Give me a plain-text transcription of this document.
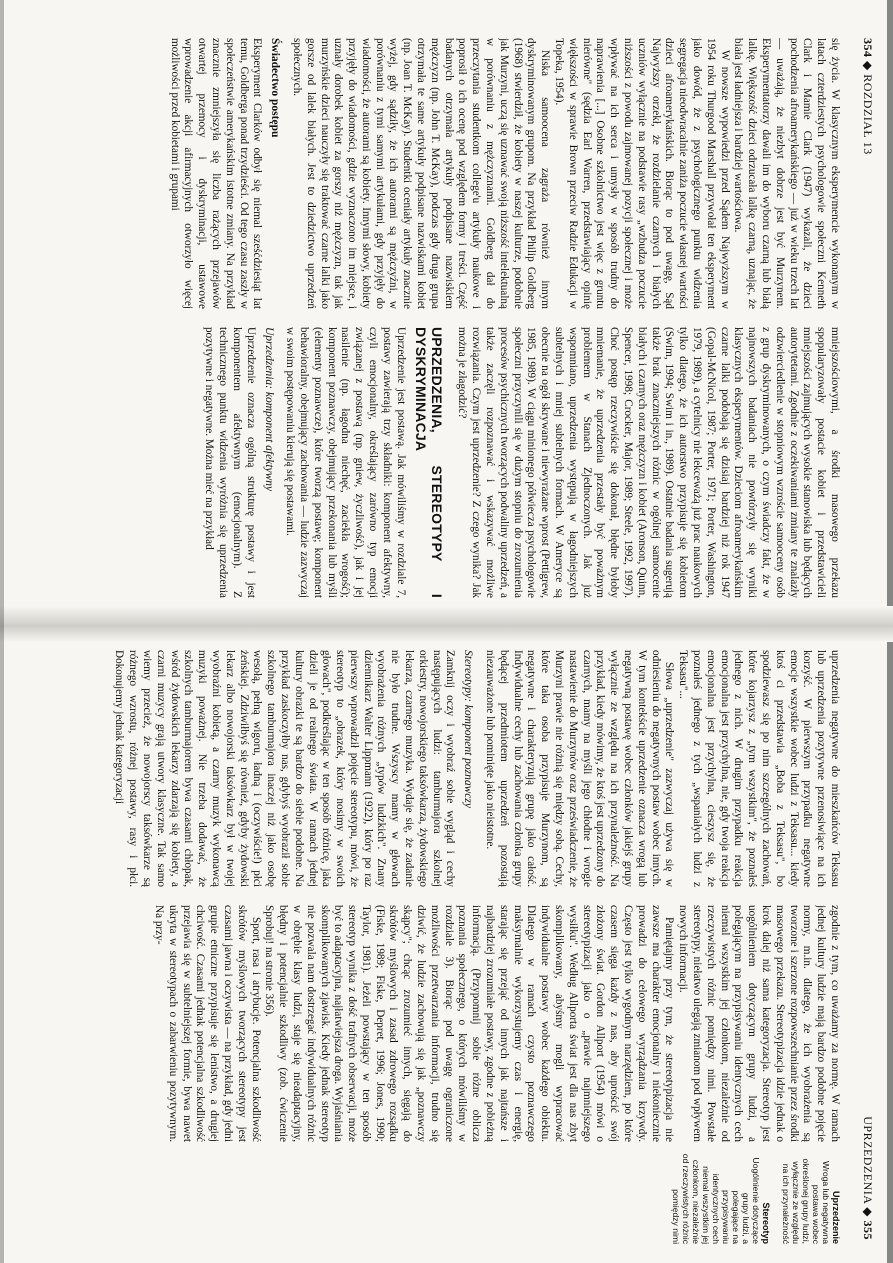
354 ◆ ROZDZIAŁ 13

się życia. W klasycznym eksperymencie wykonanym w latach czterdziestych psychologowie społeczni Kenneth Clark i Mamie Clark (1947) wykazali, że dzieci pochodzenia afroamerykańskiego — już w wieku trzech lat — uważają, że niezbyt dobrze jest być Murzynem. Eksperymentatorzy dawali im do wyboru czarną lub białą lalkę. Większość dzieci odrzucała lalkę czarną, uznając, że biała jest ładniejsza i bardziej wartościowa.

W nowsze wypowiedzi przed Sądem Najwyższym w 1954 roku Thurgood Marshall przywołał ten eksperyment jako dowód, że z psychologicznego punktu widzenia segregacja nieodwracalnie zaniża poczucie własnej wartości dzieci afroamerykańskich. Biorąc to pod uwagę, Sąd Najwyższy orzekł, że rozdzielanie czarnych i białych uczniów wyłącznie na podstawie rasy „wzbudza poczucie niższości z powodu zajmowanej pozycji społecznej i może wpływać na ich serca i umysły w sposób trudny do naprawienia [...] Osobne szkolnictwo jest więc z gruntu nierówne" (sędzia Earl Warren, przedstawiający opinię większości w sprawie Brown przeciw Radzie Edukacji w Topeka, 1954).

Niska samoocena zagraża również innym dyskryminowanym grupom. Na przykład Philip Goldberg (1968) stwierdził, że kobiety w naszej kulturze, podobnie jak Murzyni, uczą się uznawać swoją niższość intelektualną w porównaniu z mężczyznami. Goldberg dał do przeczytania studentkom college'u artykuły naukowe i poprosił o ich ocenę pod względem formy i treści. Część badanych otrzymała artykuły podpisane nazwiskiem mężczyzn (np. John T. McKay), podczas gdy druga grupa otrzymała te same artykuły podpisane nazwiskami kobiet (np. Joan T. McKay). Studentki oceniały artykuły znacznie wyżej, gdy sądziły, że ich autorami są mężczyźni, w porównaniu z tymi samymi artykułami, gdy przyjęły do wiadomości, że autorami są kobiety. Innymi słowy, kobiety przyjęły do wiadomości, gdzie wyznaczono im miejsce, i uznały dorobek kobiet za gorszy niż mężczyzn, tak jak murzyńskie dzieci nauczyły się traktować czarne lalki jako gorsze od lalek białych. Jest to dziedzictwo uprzedzeń społecznych.

Świadectwo postępu

Eksperyment Clarków odbył się niemal sześćdziesiąt lat temu, Goldberga ponad trzydzieści. Od tego czasu zaszły w społeczeństwie amerykańskim istotne zmiany. Na przykład znacznie zmniejszyła się liczba rażących przejawów otwartej przemocy i dyskryminacji, ustawowe wprowadzenie akcji afirmacyjnych otworzyło więcej możliwości przed kobietami i grupami

mniejszościowymi, a środki masowego przekazu spopularyzowały postacie kobiet i przedstawicieli mniejszości zajmujących wysokie stanowiska lub będących autorytetami. Zgodnie z oczekiwaniami zmiany te znalazły odzwierciedlenie w stopniowym wzroście samooceny osób z grup dyskryminowanych, o czym świadczy fakt, że w najnowszych badaniach nie powtórzyły się wyniki klasycznych eksperymentów. Dzieciom afroamerykańskim czarne lalki podobają się dzisiaj bardziej niż rok 1947 (Gopal-McNicol, 1987; Porter, 1971; Porter, Washington, 1979, 1989), a cytelnicy nie lekceważą już prac naukowych tylko dlatego, że ich autorstwo przypisuje się kobietom (Swim, 1994; Swim i in., 1989). Ostatnie badania sugerują także brak znaczniejszych różnic w ogólnej samoocenie białych i czarnych oraz mężczyzn i kobiet (Aronson, Quinn, Spencer, 1998; Crocker, Major, 1989; Steele, 1992, 1997). Choć postęp rzeczywiście się dokonał, błędne byłoby mniemanie, że uprzedzenia przestały być poważnym problemem w Stanach Zjednoczonych. Jak już wspomniano, uprzedzenia występują w łagodniejszych subtelnych i mniej subtelnych formach. W Ameryce są obecnie na ogół skrywane i niewyrażane wprost (Pettigrew, 1985, 1989). W ciągu minionego półwiecza psychologowie społeczni przyczynili się w dużym stopniu do zrozumienia procesów psychicznych tworzących podwaliny uprzedzeń, a także zaczęli rozpoznawać i wskazywać możliwe rozwiązania. Czym jest uprzedzenie? Z czego wynika? Jak można je złagodzić?

UPRZEDZENIA, STEREOTYPY I DYSKRYMINACJA

Uprzedzenie jest postawą. Jak mówiliśmy w rozdziale 7, postawy zawierają trzy składniki: komponent afektywny, czyli emocjonalny, określający zarówno typ emocji związanej z postawą (np. gniew, życzliwość), jak i jej nasilenie (np. łagodna niechęć, zaciekła wrogość); komponent poznawczy, obejmujący przekonania lub myśli (elementy poznawcze), które tworzą postawę; komponent behawioralny, obejmujący zachowania — ludzie zazwyczaj w swoim postępowaniu kierują się postawami.

Uprzedzenia: komponent afektywny

Uprzedzenie oznacza ogólną strukturę postawy i jest komponentem afektywnym (emocjonalnym). Z technicznego punktu widzenia wyróżnia się uprzedzenia pozytywne i negatywne. Można mieć na przykład

UPRZEDZENIA ◆ 355

uprzedzenia negatywne do mieszkańców Teksasu lub uprzedzenia pozytywne przenosiwiące na ich korzyść. W pierwszym przypadku negatywne emocje wszystkie wobec ludzi z Teksasu... kiedy ktoś ci przedstawia „Boba z Teksasu", bo spodziewasz się po nim szczególnych zachowań, które kojarzysz z „tym wszystkim", że poznałeś jednego z nich. W drugim przypadku reakcja emocjonalna jest przychylna, nie, gdy twoja reakcja emocjonalna jest przychylna, cieszysz się, że poznałeś jednego z tych „wspaniałych ludzi z Teksasu"...

Słowa „uprzedzenie" zazwyczaj używa się w odniesieniu do negatywnych postaw wobec innych. W tym kontekście uprzedzenie oznacza wrogą lub negatywną postawę wobec członków jakiejś grupy wyłącznie ze względu na ich przynależność. Na przykład, kiedy mówimy, że ktoś jest uprzedzony do czarnych, mamy na myśli jego chłodne i wrogie nastawienie do Murzynów oraz przeświadczenie, że Murzyni prawie nie różnią się między sobą. Cechy, które taka osoba przypisuje Murzynom, są negatywne i charakteryzują grupę jako całość. Indywidualne cechy lub zachowania członka grupy będącej przedmiotem uprzedzeń pozostają niezauważone lub pominięte jako nieistotne.

Stereotypy: komponent poznawczy

Zamknij oczy i wyobraź sobie wygląd i cechy następujących ludzi: tamburmajora szkolnej orkiestry, nowojorskiego taksówkarza, żydowskiego lekarza, czarnego muzyka. Wydaje się, że zadanie nie było trudne. Wszyscy mamy w głowach wyobrażenia różnych „typów ludzkich". Znany dziennikarz Walter Lippmann (1922), który po raz pierwszy wprowadził pojęcie stereotypu, mówi, że stereotyp to „obrazek, który nosimy w swoich głowach", podkreślając w ten sposób różnicę, jaka dzieli je od realnego świata. W ramach jednej kultury obrazki te są bardzo do siebie podobne. Na przykład zaskoczyłby nas, gdybyś wyobraził sobie szkolnego tamburmajora inaczej niż jako osobę wesołą, pełną wigoru, ładną i (oczywiście!) płci żeńskiej. Zdziwiłbyś się również, gdyby żydowski lekarz albo nowojorski taksówkarz był w twojej wyobraźni kobietą, a czarny muzyk wykonawcą muzyki poważnej. Nie trzeba dodawać, że szkolnych tamburmajorem bywa czasami chłopak, wśród żydowskich lekarzy zdarzają się kobiety, a czarni muzycy grają utwory klasyczne. Tak samo wiemy przecież, że nowojorscy taksówkarze są różnego wzrostu, różnej postawy, rasy i płci. Dokonujemy jednak kategoryzacji

zgodnie z tym, co uważamy za normę. W ramach jednej kultury ludzie mają bardzo podobne pojęcie normy, m.in. dlatego, że ich wyobrażenia są tworzone i szerzone rozpowszechnianie przez środki masowego przekazu. Stereotypizacja idzie jednak o krok dalej niż sama kategoryzacja. Stereotyp jest uogólnieniem dotyczącym grupy ludzi, a polegającym na przypisywaniu identycznych cech niemal wszystkim jej członkom, niezależnie od rzeczywistych różnic pomiędzy nimi. Powstałe stereotypy, niełatwo ulegają zmianom pod wpływem nowych informacji.

Pamiętajmy przy tym, że stereotypizacja nie zawsze ma charakter emocjonalny i niekoniecznie prowadzi do celowego wyrządzania krzywdy. Często jest tylko wygodnym narzędziem, po które czasem sięga każdy z nas, aby uprościć swój złożony świat. Gordon Allport (1954) mówi o stereotypizacji jako o „prawie najmniejszego wysiłku". Według Allporta świat jest dla nas zbyt skomplikowany, abyśmy mogli wypracować indywidualne postawy wobec każdego obiektu. Dlatego w ramach czysto poznawczego maksymalnie wykorzystujemy czas i energię, starając się przejąć od innych jak najtańsze i najbardziej zrozumiałe postawy, zgodne z pobieżną informacją. (Przypomnij sobie różne oblicza poznania społecznego, o których mówiliśmy w rozdziale 3). Biorąc pod uwagę ograniczone możliwości przetwarzania informacji, trudno się dziwić, że ludzie zachowują się jak „poznawczy skąpcy"; chcąc zrozumieć innych, sięgają do skrótów myślowych i zasad zdrowego rozsądku (Fiske, 1989; Fiske, Depret, 1996; Jones, 1990; Taylor, 1981). Jeżeli powstający w ten sposób stereotyp wynika z dość trafnych obserwacji, może być to adaptacyjna, najłatwiejsza droga. Wyjaśniania skomplikowanych zjawisk. Kiedy jednak stereotyp nie pozwala nam dostrzegać indywidualnych różnic w obrębie klasy ludzi, staje się nieadaptacyjny, błędny i potencjalnie szkodliwy (zob. ćwiczenie Sprobuj! na stronie 356).

Sport, rasa i atrybucje. Potencjalna szkodliwość skrótów myślowych tworzących stereotypy jest czasami jawna i oczywista — na przykład, gdy jedni grupie etniczne przypisuje się lenistwo, a drugiej chciwość. Czasami jednak potencjalna szkodliwość przejawia się w subtelniejszej formie, bywa nawet ukryta w stereotypach o zabarwieniu pozytywnym. Na przy-

Uprzedzenie
Wroga lub negatywna postawa wobec określonej grupy ludzi, wyłącznie ze względu na ich przynależność
Stereotyp
Uogólnienie dotyczące grupy ludzi, a polegające na przypisywaniu identycznych cech niemal wszystkim jej członkom, niezależnie od rzeczywistych różnic pomiędzy nimi
